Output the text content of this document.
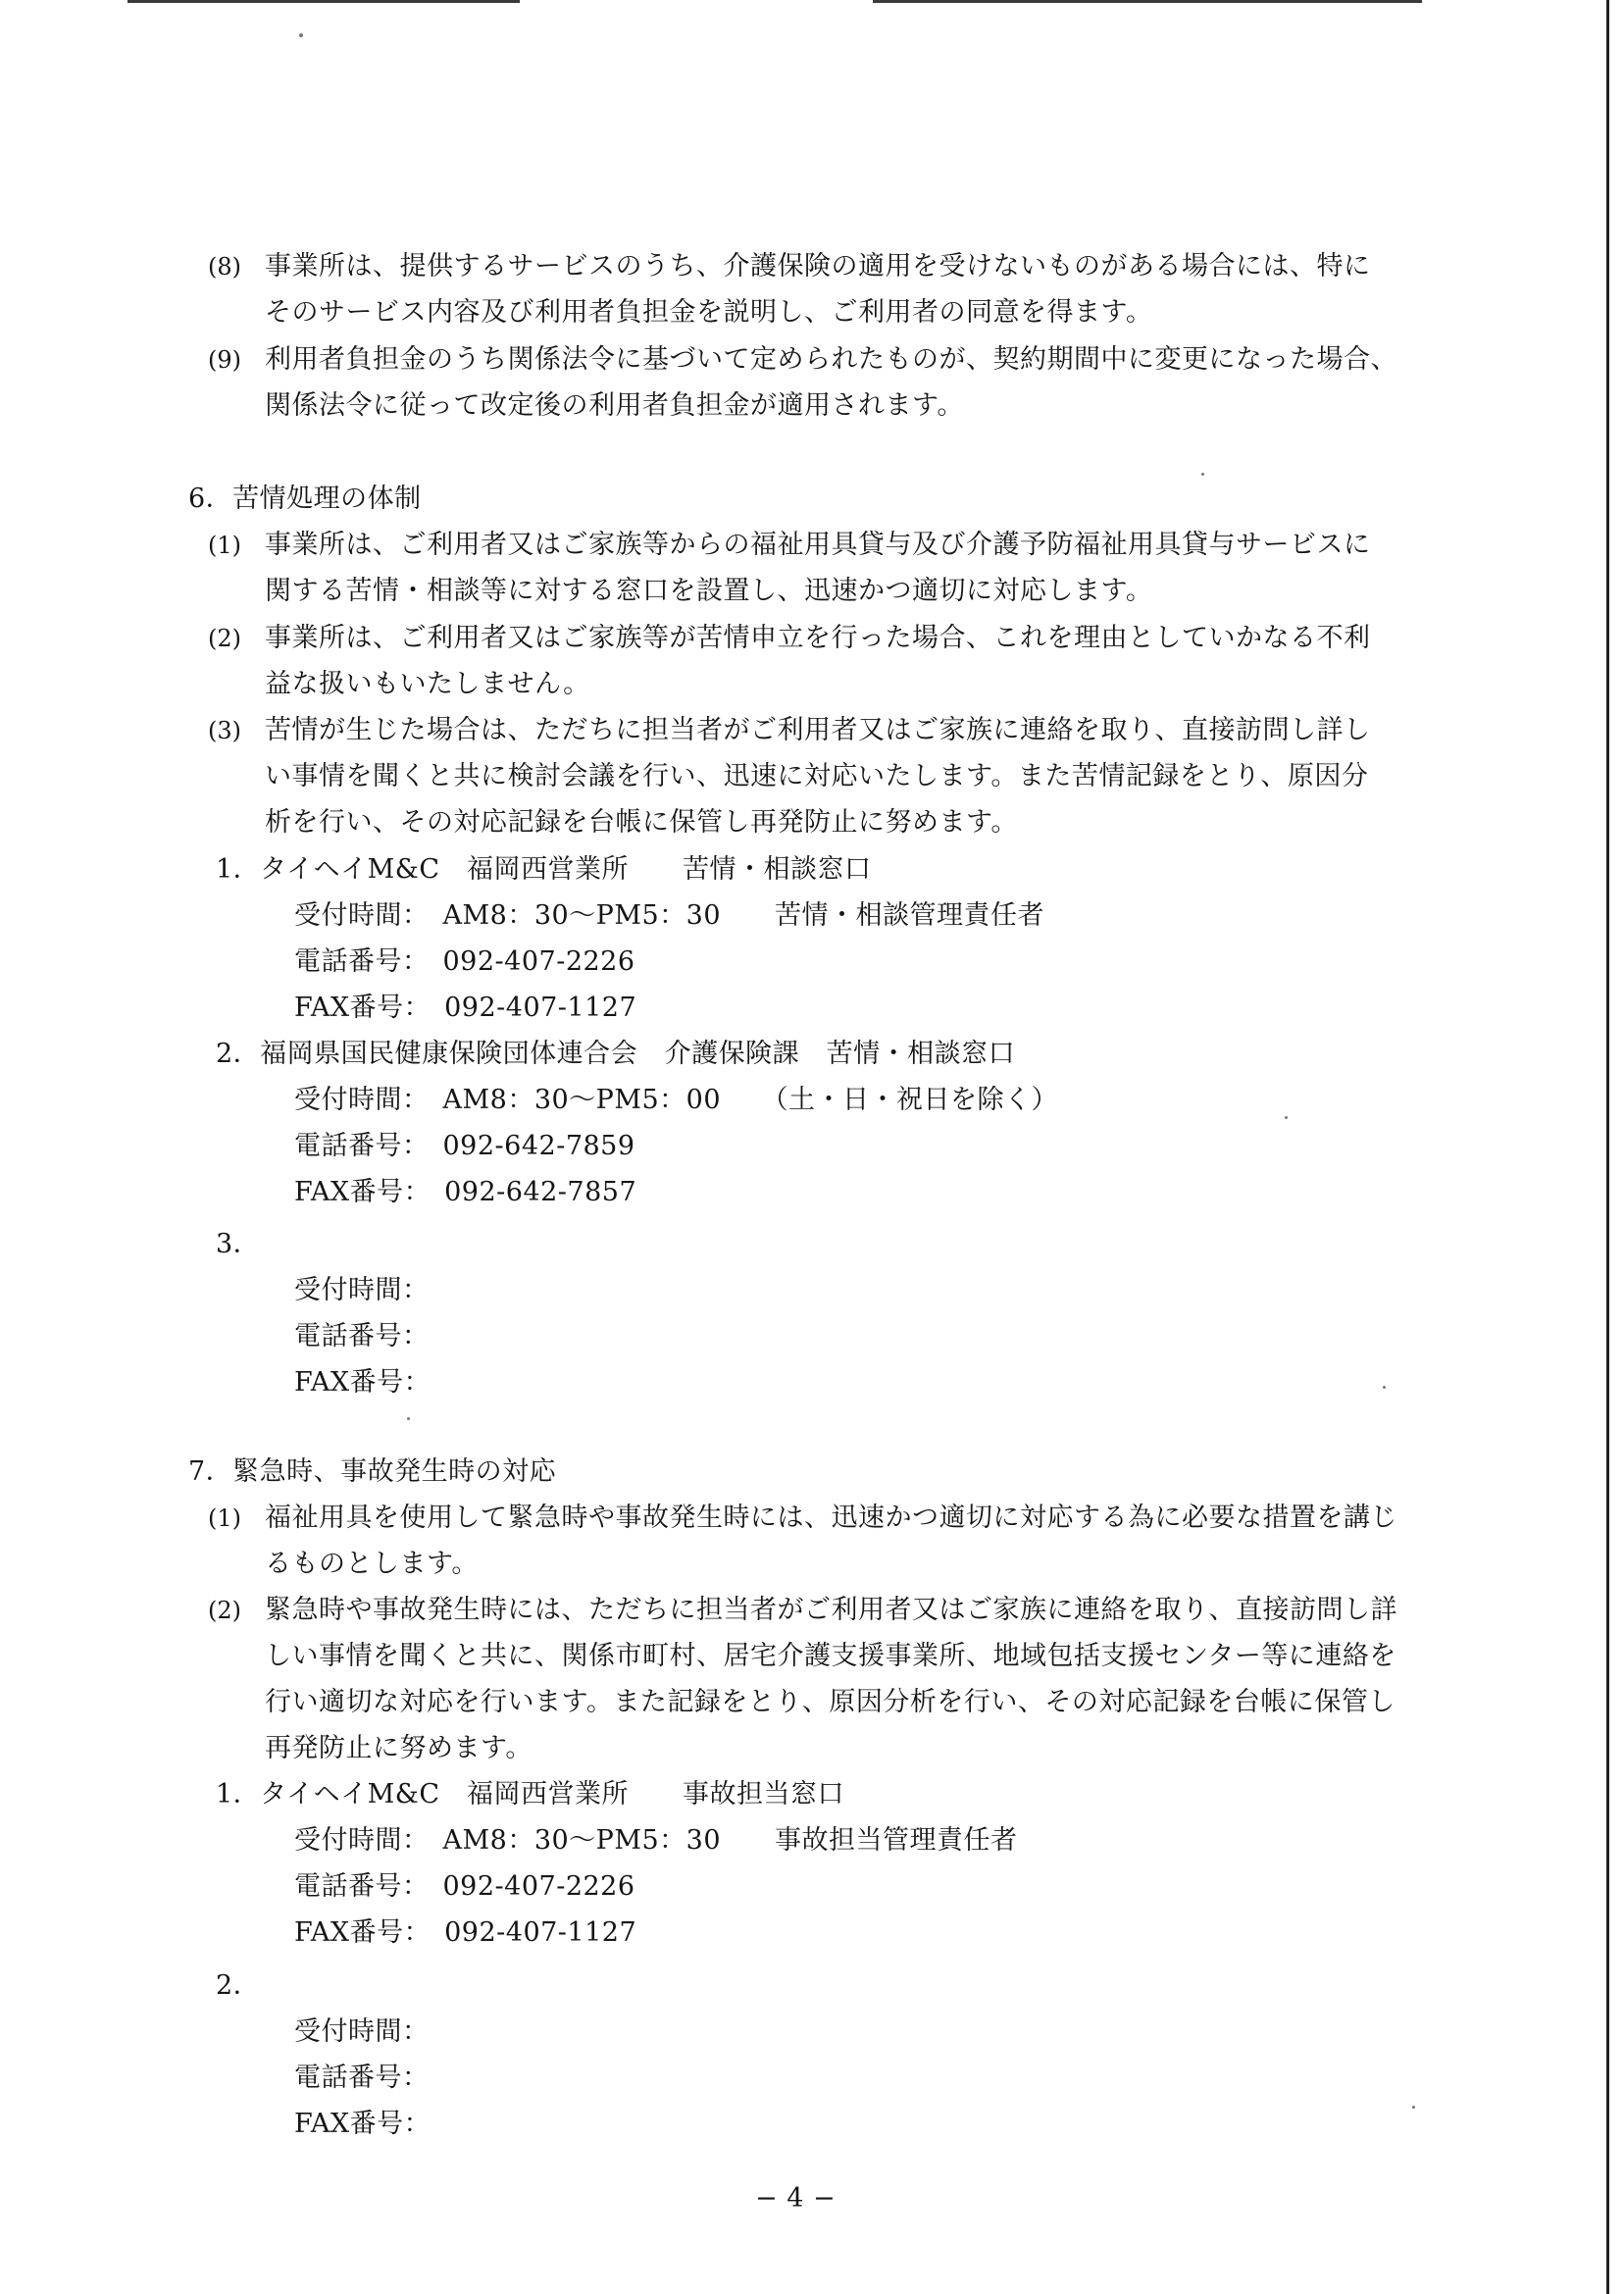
(8) 事業所は、提供するサービスのうち、介護保険の適用を受けないものがある場合には、特に
そのサービス内容及び利用者負担金を説明し、ご利用者の同意を得ます。
(9) 利用者負担金のうち関係法令に基づいて定められたものが、契約期間中に変更になった場合、
関係法令に従って改定後の利用者負担金が適用されます。
6．苦情処理の体制
(1) 事業所は、ご利用者又はご家族等からの福祉用具貸与及び介護予防福祉用具貸与サービスに
関する苦情・相談等に対する窓口を設置し、迅速かつ適切に対応します。
(2) 事業所は、ご利用者又はご家族等が苦情申立を行った場合、これを理由としていかなる不利
益な扱いもいたしません。
(3) 苦情が生じた場合は、ただちに担当者がご利用者又はご家族に連絡を取り、直接訪問し詳し
い事情を聞くと共に検討会議を行い、迅速に対応いたします。また苦情記録をとり、原因分
析を行い、その対応記録を台帳に保管し再発防止に努めます。
1．タイヘイM&C　福岡西営業所　　苦情・相談窓口
受付時間：　AM8：30〜PM5：30　　苦情・相談管理責任者
電話番号：　092-407-2226
FAX番号：　092-407-1127
2．福岡県国民健康保険団体連合会　介護保険課　苦情・相談窓口
受付時間：　AM8：30〜PM5：00　　（土・日・祝日を除く）
電話番号：　092-642-7859
FAX番号：　092-642-7857
3．
受付時間：
電話番号：
FAX番号：
7．緊急時、事故発生時の対応
(1) 福祉用具を使用して緊急時や事故発生時には、迅速かつ適切に対応する為に必要な措置を講じ
るものとします。
(2) 緊急時や事故発生時には、ただちに担当者がご利用者又はご家族に連絡を取り、直接訪問し詳
しい事情を聞くと共に、関係市町村、居宅介護支援事業所、地域包括支援センター等に連絡を
行い適切な対応を行います。また記録をとり、原因分析を行い、その対応記録を台帳に保管し
再発防止に努めます。
1．タイヘイM&C　福岡西営業所　　事故担当窓口
受付時間：　AM8：30〜PM5：30　　事故担当管理責任者
電話番号：　092-407-2226
FAX番号：　092-407-1127
2．
受付時間：
電話番号：
FAX番号：
− 4 −
